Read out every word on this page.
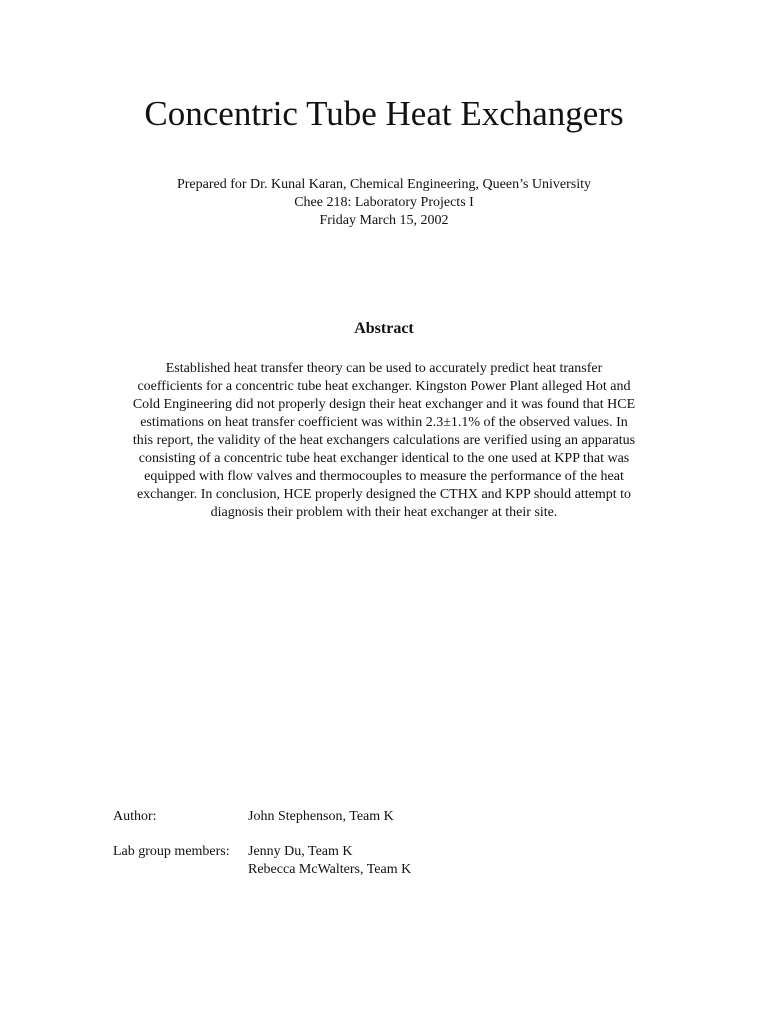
Concentric Tube Heat Exchangers
Prepared for Dr. Kunal Karan, Chemical Engineering, Queen’s University
Chee 218: Laboratory Projects I
Friday March 15, 2002
Abstract
Established heat transfer theory can be used to accurately predict heat transfer
coefficients for a concentric tube heat exchanger. Kingston Power Plant alleged Hot and
Cold Engineering did not properly design their heat exchanger and it was found that HCE
estimations on heat transfer coefficient was within 2.3±1.1% of the observed values. In
this report, the validity of the heat exchangers calculations are verified using an apparatus
consisting of a concentric tube heat exchanger identical to the one used at KPP that was
equipped with flow valves and thermocouples to measure the performance of the heat
exchanger. In conclusion, HCE properly designed the CTHX and KPP should attempt to
diagnosis their problem with their heat exchanger at their site.
Author:	John Stephenson, Team K
Lab group members:	Jenny Du, Team K
Rebecca McWalters, Team K
